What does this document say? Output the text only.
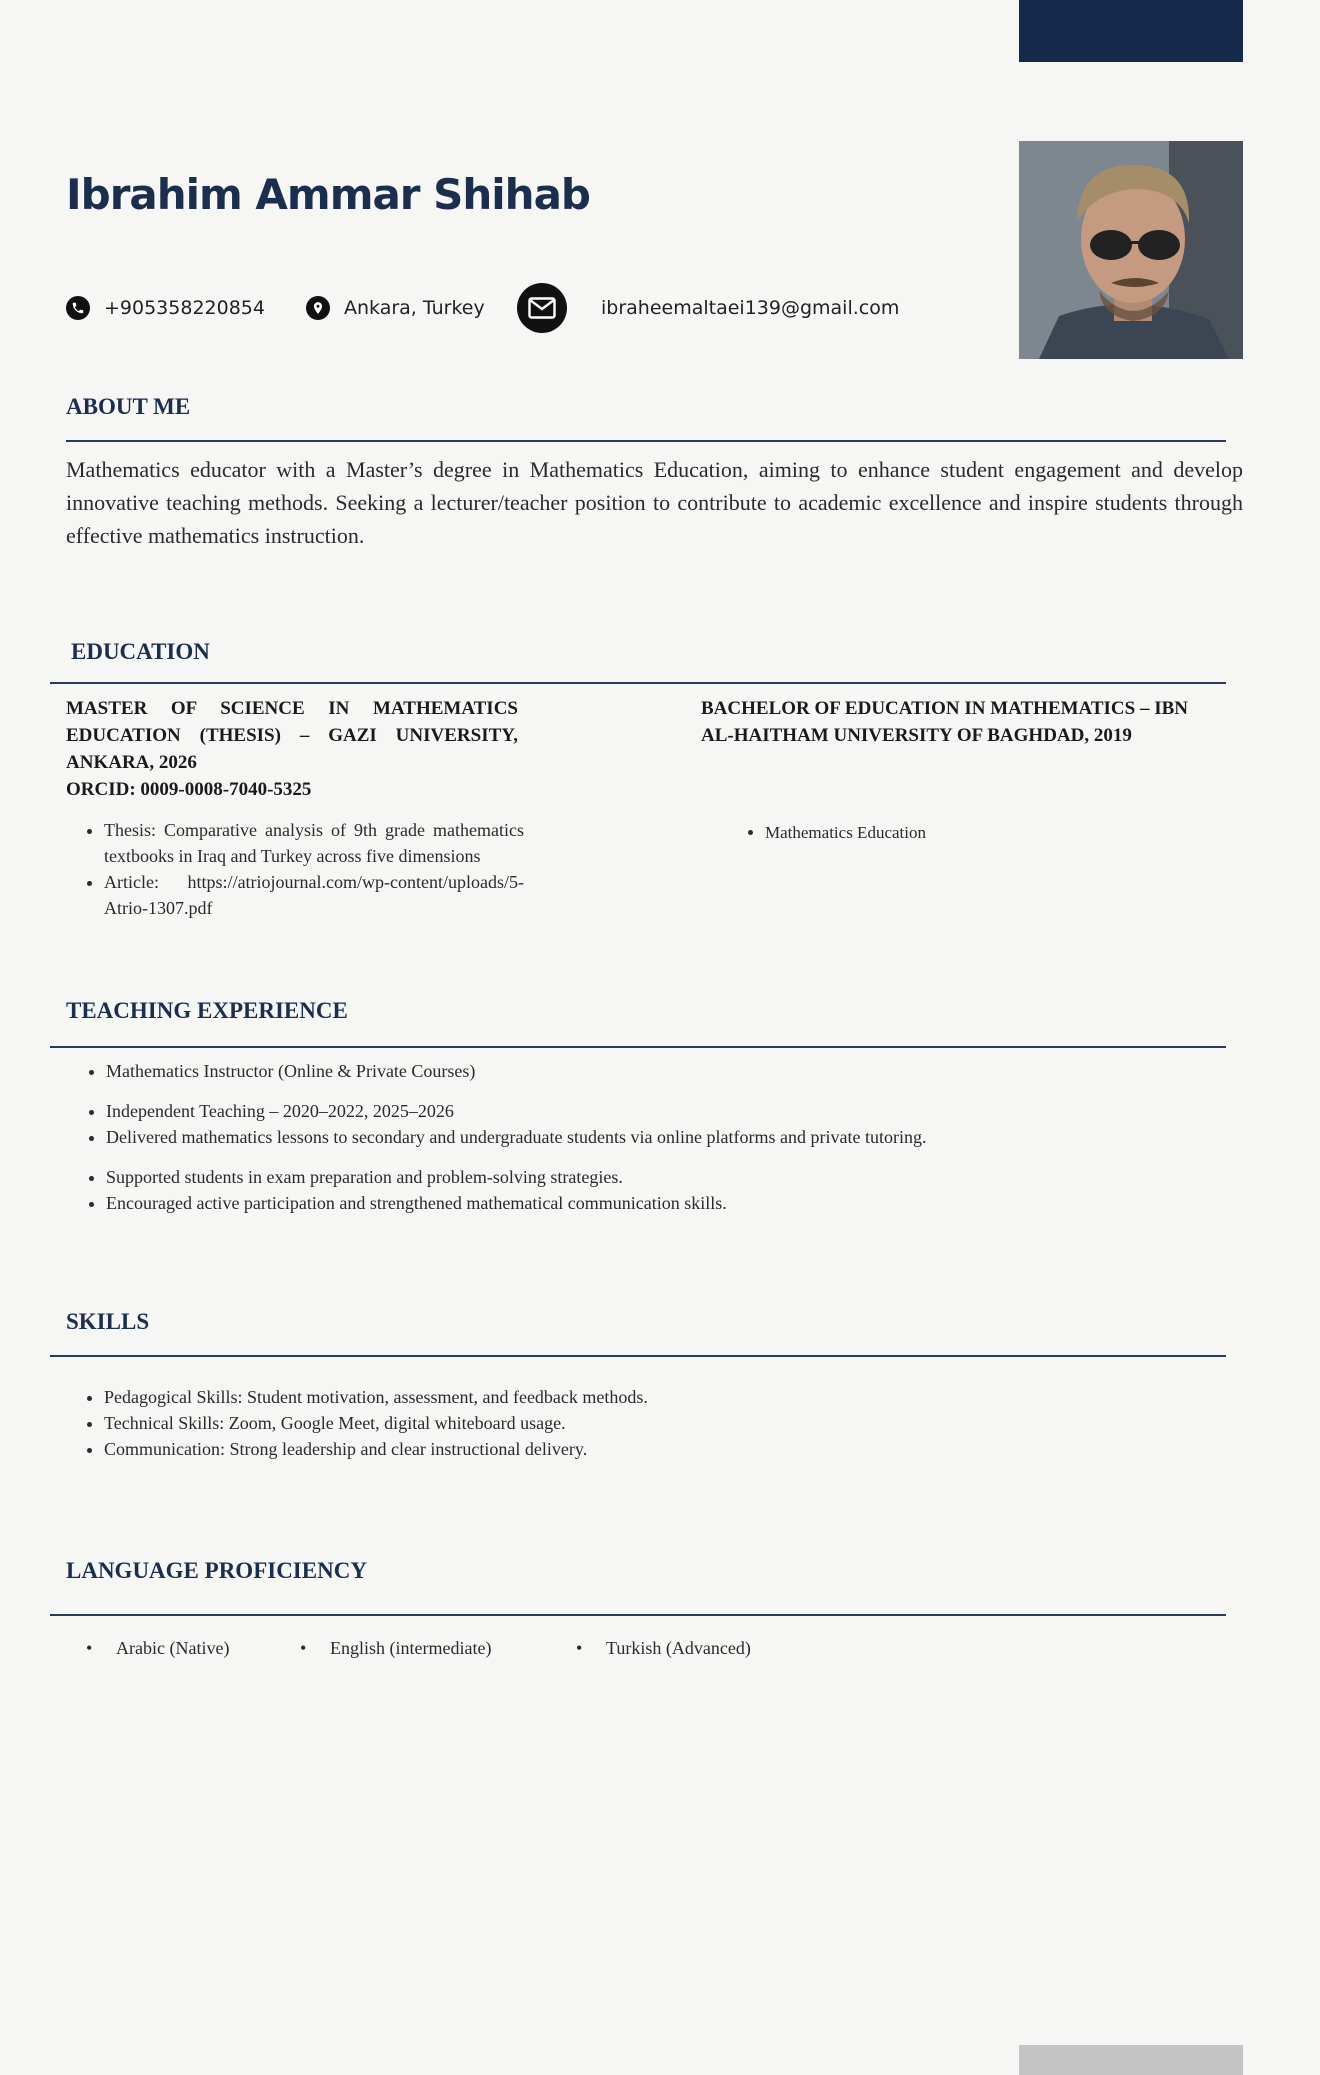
Ibrahim Ammar Shihab
+905358220854	Ankara, Turkey	ibraheemaltaei139@gmail.com
ABOUT ME

Mathematics educator with a Master’s degree in Mathematics Education, aiming to enhance student engagement and develop innovative teaching methods. Seeking a lecturer/teacher position to contribute to academic excellence and inspire students through effective mathematics instruction.

EDUCATION
MASTER OF SCIENCE IN MATHEMATICS EDUCATION (THESIS) – GAZI UNIVERSITY, ANKARA, 2026
ORCID: 0009-0008-7040-5325
• Thesis: Comparative analysis of 9th grade mathematics textbooks in Iraq and Turkey across five dimensions
• Article: https://atriojournal.com/wp-content/uploads/5-Atrio-1307.pdf
BACHELOR OF EDUCATION IN MATHEMATICS – IBN AL-HAITHAM UNIVERSITY OF BAGHDAD, 2019
• Mathematics Education
TEACHING EXPERIENCE
• Mathematics Instructor (Online & Private Courses)
• Independent Teaching – 2020–2022, 2025–2026
• Delivered mathematics lessons to secondary and undergraduate students via online platforms and private tutoring.
• Supported students in exam preparation and problem-solving strategies.
• Encouraged active participation and strengthened mathematical communication skills.
SKILLS
• Pedagogical Skills: Student motivation, assessment, and feedback methods.
• Technical Skills: Zoom, Google Meet, digital whiteboard usage.
• Communication: Strong leadership and clear instructional delivery.
LANGUAGE PROFICIENCY
• Arabic (Native)	• English (intermediate)	• Turkish (Advanced)
